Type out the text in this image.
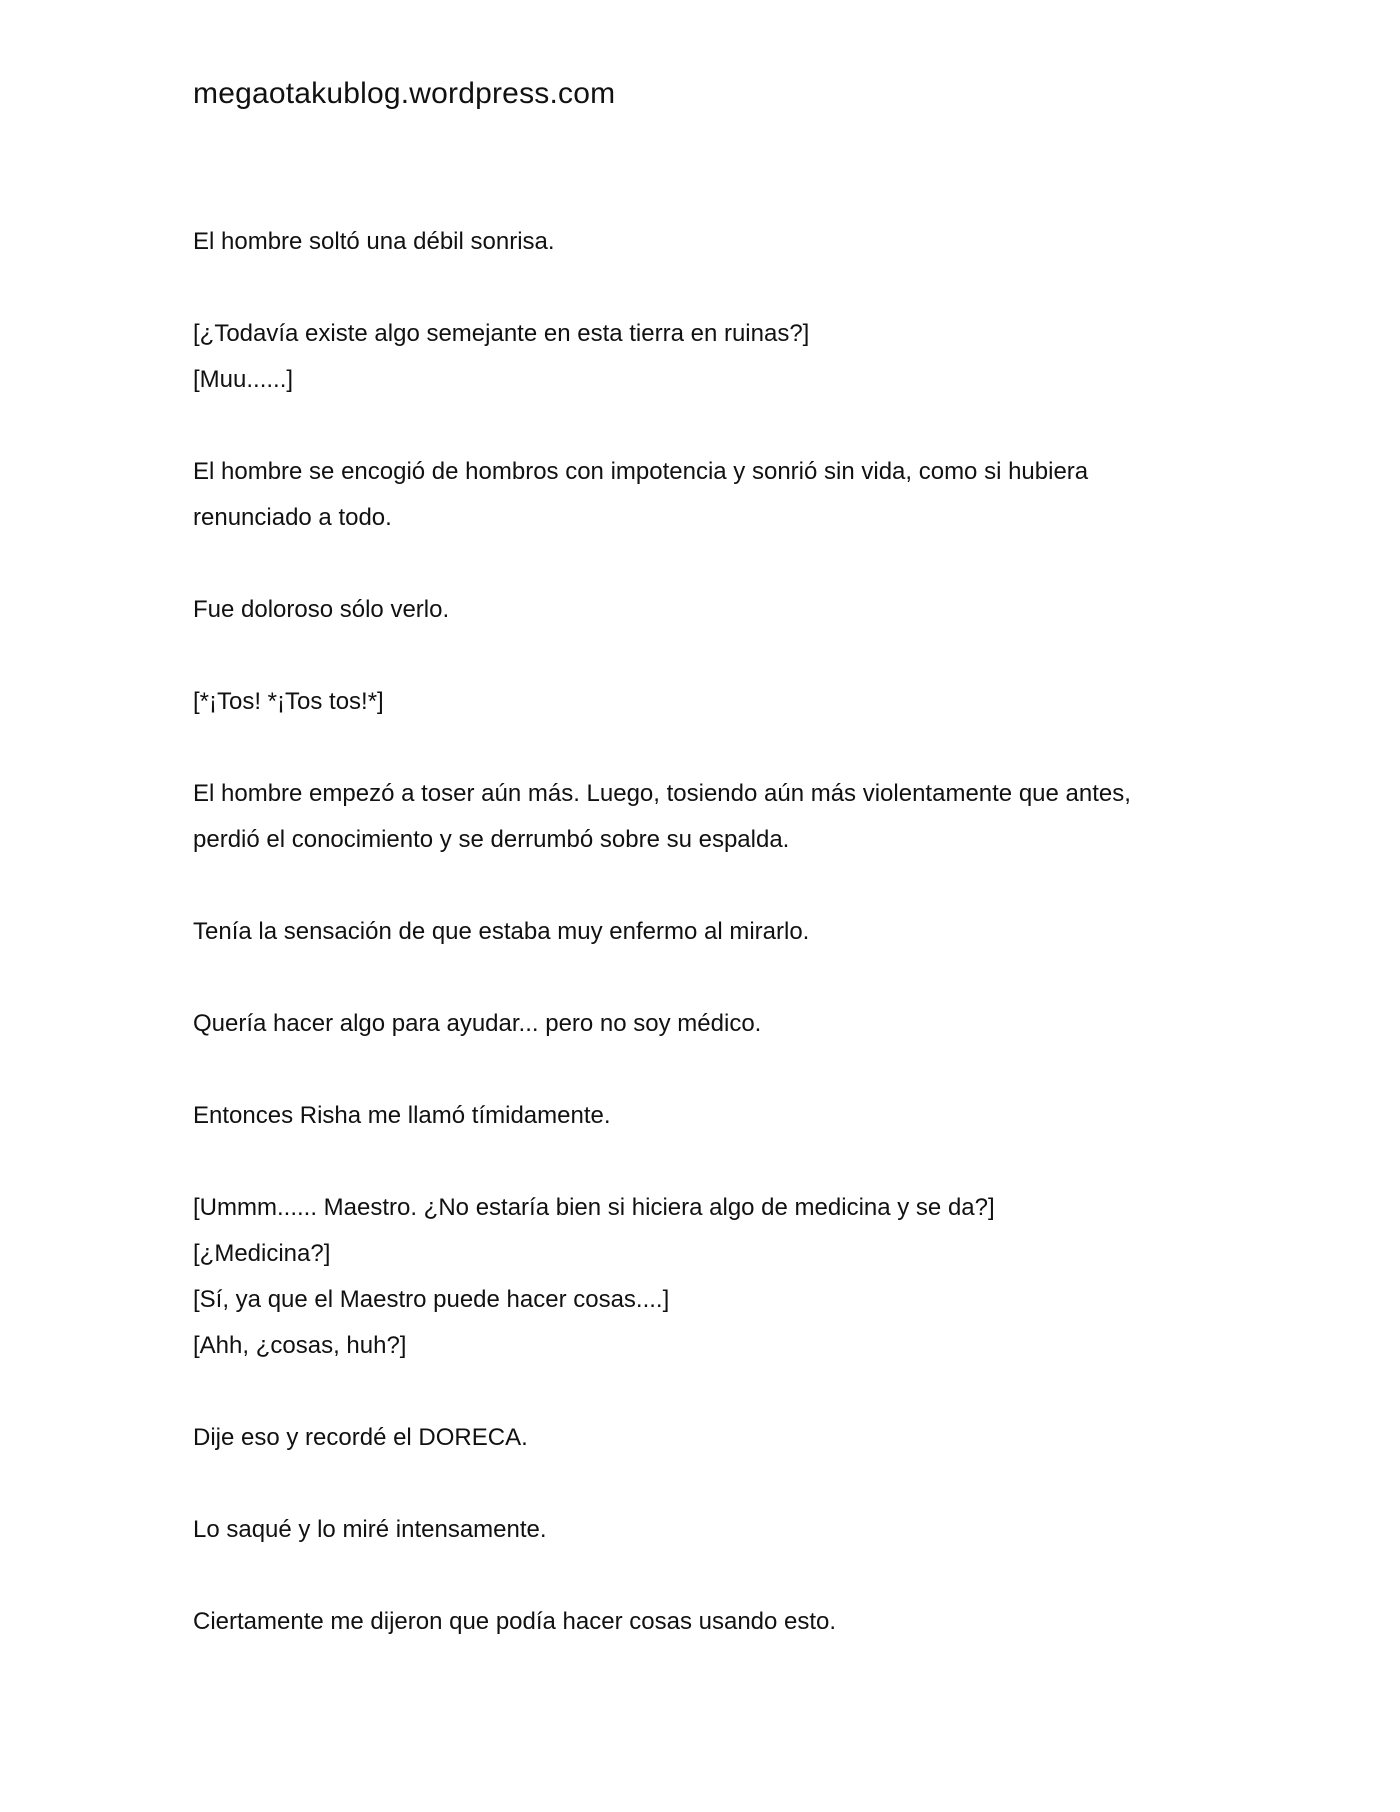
megaotakublog.wordpress.com

El hombre soltó una débil sonrisa.

[¿Todavía existe algo semejante en esta tierra en ruinas?]
[Muu......]

El hombre se encogió de hombros con impotencia y sonrió sin vida, como si hubiera
renunciado a todo.

Fue doloroso sólo verlo.

[*¡Tos! *¡Tos tos!*]

El hombre empezó a toser aún más. Luego, tosiendo aún más violentamente que antes,
perdió el conocimiento y se derrumbó sobre su espalda.

Tenía la sensación de que estaba muy enfermo al mirarlo.

Quería hacer algo para ayudar... pero no soy médico.

Entonces Risha me llamó tímidamente.

[Ummm...... Maestro. ¿No estaría bien si hiciera algo de medicina y se da?]
[¿Medicina?]
[Sí, ya que el Maestro puede hacer cosas....]
[Ahh, ¿cosas, huh?]

Dije eso y recordé el DORECA.

Lo saqué y lo miré intensamente.

Ciertamente me dijeron que podía hacer cosas usando esto.
